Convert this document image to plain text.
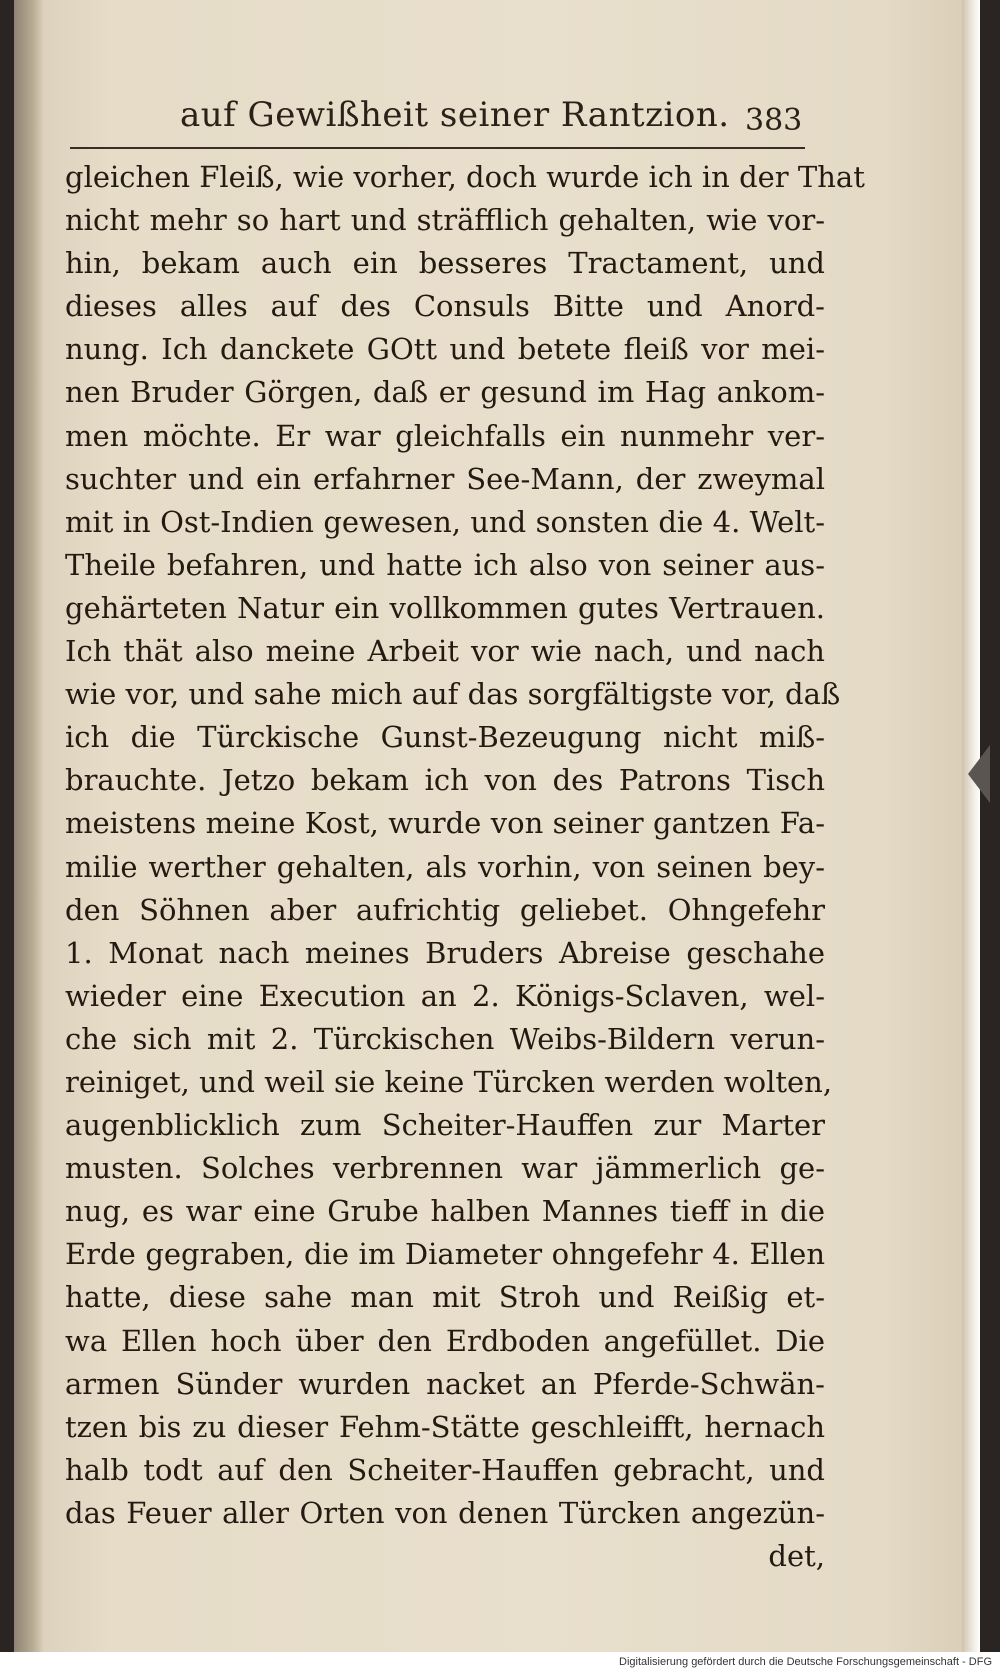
auf Gewißheit seiner Rantzion. 383
gleichen Fleiß, wie vorher, doch wurde ich in der That
nicht mehr so hart und sträfflich gehalten, wie vor-
hin, bekam auch ein besseres Tractament, und
dieses alles auf des Consuls Bitte und Anord-
nung. Ich danckete GOtt und betete fleiß vor mei-
nen Bruder Görgen, daß er gesund im Hag ankom-
men möchte. Er war gleichfalls ein nunmehr ver-
suchter und ein erfahrner See-Mann, der zweymal
mit in Ost-Indien gewesen, und sonsten die 4. Welt-
Theile befahren, und hatte ich also von seiner aus-
gehärteten Natur ein vollkommen gutes Vertrauen.
Ich thät also meine Arbeit vor wie nach, und nach
wie vor, und sahe mich auf das sorgfältigste vor, daß
ich die Türckische Gunst-Bezeugung nicht miß-
brauchte. Jetzo bekam ich von des Patrons Tisch
meistens meine Kost, wurde von seiner gantzen Fa-
milie werther gehalten, als vorhin, von seinen bey-
den Söhnen aber aufrichtig geliebet. Ohngefehr
1. Monat nach meines Bruders Abreise geschahe
wieder eine Execution an 2. Königs-Sclaven, wel-
che sich mit 2. Türckischen Weibs-Bildern verun-
reiniget, und weil sie keine Türcken werden wolten,
augenblicklich zum Scheiter-Hauffen zur Marter
musten. Solches verbrennen war jämmerlich ge-
nug, es war eine Grube halben Mannes tieff in die
Erde gegraben, die im Diameter ohngefehr 4. Ellen
hatte, diese sahe man mit Stroh und Reißig et-
wa Ellen hoch über den Erdboden angefüllet. Die
armen Sünder wurden nacket an Pferde-Schwän-
tzen bis zu dieser Fehm-Stätte geschleifft, hernach
halb todt auf den Scheiter-Hauffen gebracht, und
das Feuer aller Orten von denen Türcken angezün-
det,
Digitalisierung gefördert durch die Deutsche Forschungsgemeinschaft - DFG
